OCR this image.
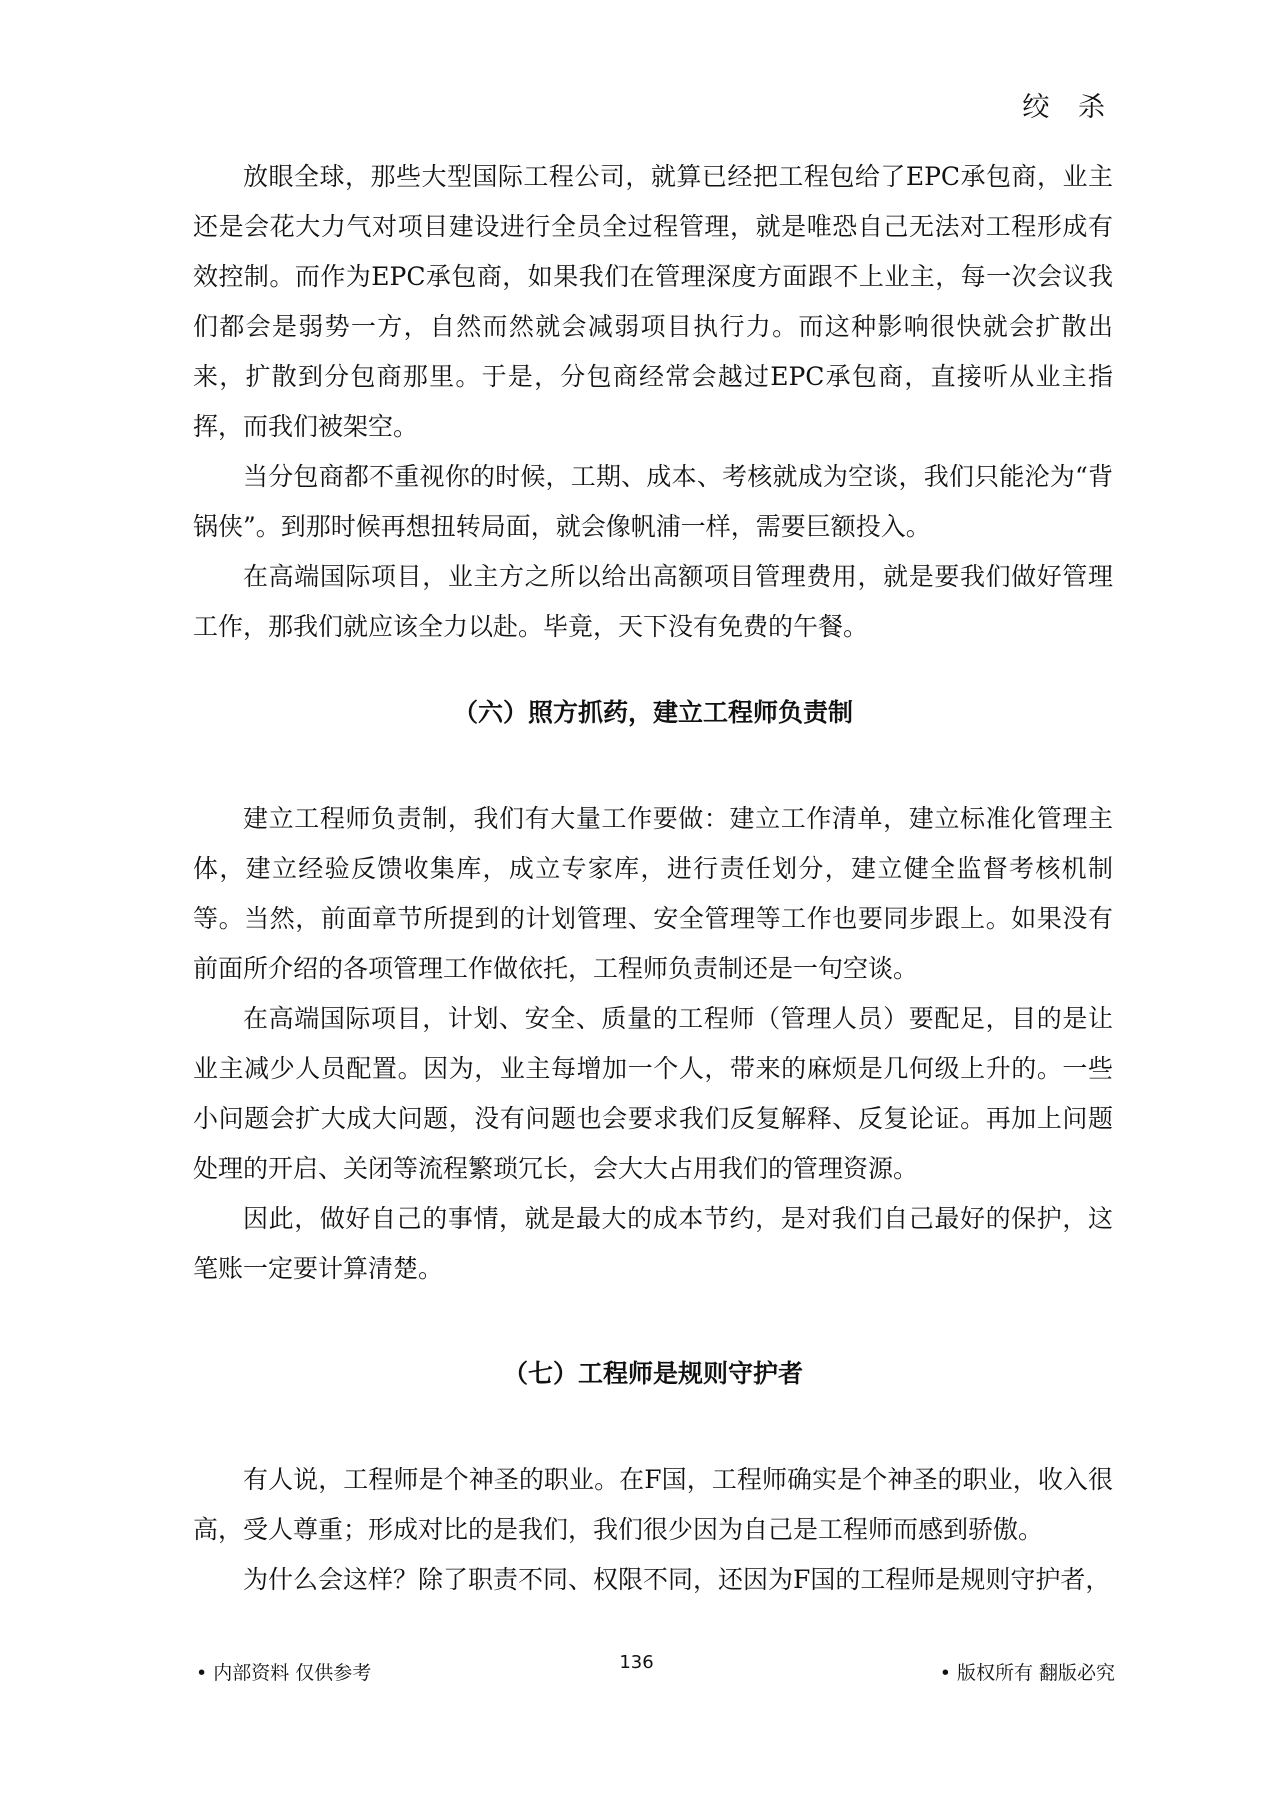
绞 杀

放眼全球，那些大型国际工程公司，就算已经把工程包给了EPC承包商，业主还是会花大力气对项目建设进行全员全过程管理，就是唯恐自己无法对工程形成有效控制。而作为EPC承包商，如果我们在管理深度方面跟不上业主，每一次会议我们都会是弱势一方，自然而然就会减弱项目执行力。而这种影响很快就会扩散出来，扩散到分包商那里。于是，分包商经常会越过EPC承包商，直接听从业主指挥，而我们被架空。

当分包商都不重视你的时候，工期、成本、考核就成为空谈，我们只能沦为“背锅侠”。到那时候再想扭转局面，就会像帆浦一样，需要巨额投入。

在高端国际项目，业主方之所以给出高额项目管理费用，就是要我们做好管理工作，那我们就应该全力以赴。毕竟，天下没有免费的午餐。

（六）照方抓药，建立工程师负责制

建立工程师负责制，我们有大量工作要做：建立工作清单，建立标准化管理主体，建立经验反馈收集库，成立专家库，进行责任划分，建立健全监督考核机制等。当然，前面章节所提到的计划管理、安全管理等工作也要同步跟上。如果没有前面所介绍的各项管理工作做依托，工程师负责制还是一句空谈。

在高端国际项目，计划、安全、质量的工程师（管理人员）要配足，目的是让业主减少人员配置。因为，业主每增加一个人，带来的麻烦是几何级上升的。一些小问题会扩大成大问题，没有问题也会要求我们反复解释、反复论证。再加上问题处理的开启、关闭等流程繁琐冗长，会大大占用我们的管理资源。

因此，做好自己的事情，就是最大的成本节约，是对我们自己最好的保护，这笔账一定要计算清楚。

（七）工程师是规则守护者

有人说，工程师是个神圣的职业。在F国，工程师确实是个神圣的职业，收入很高，受人尊重；形成对比的是我们，我们很少因为自己是工程师而感到骄傲。

为什么会这样？除了职责不同、权限不同，还因为F国的工程师是规则守护者，

• 内部资料 仅供参考	136	• 版权所有 翻版必究
